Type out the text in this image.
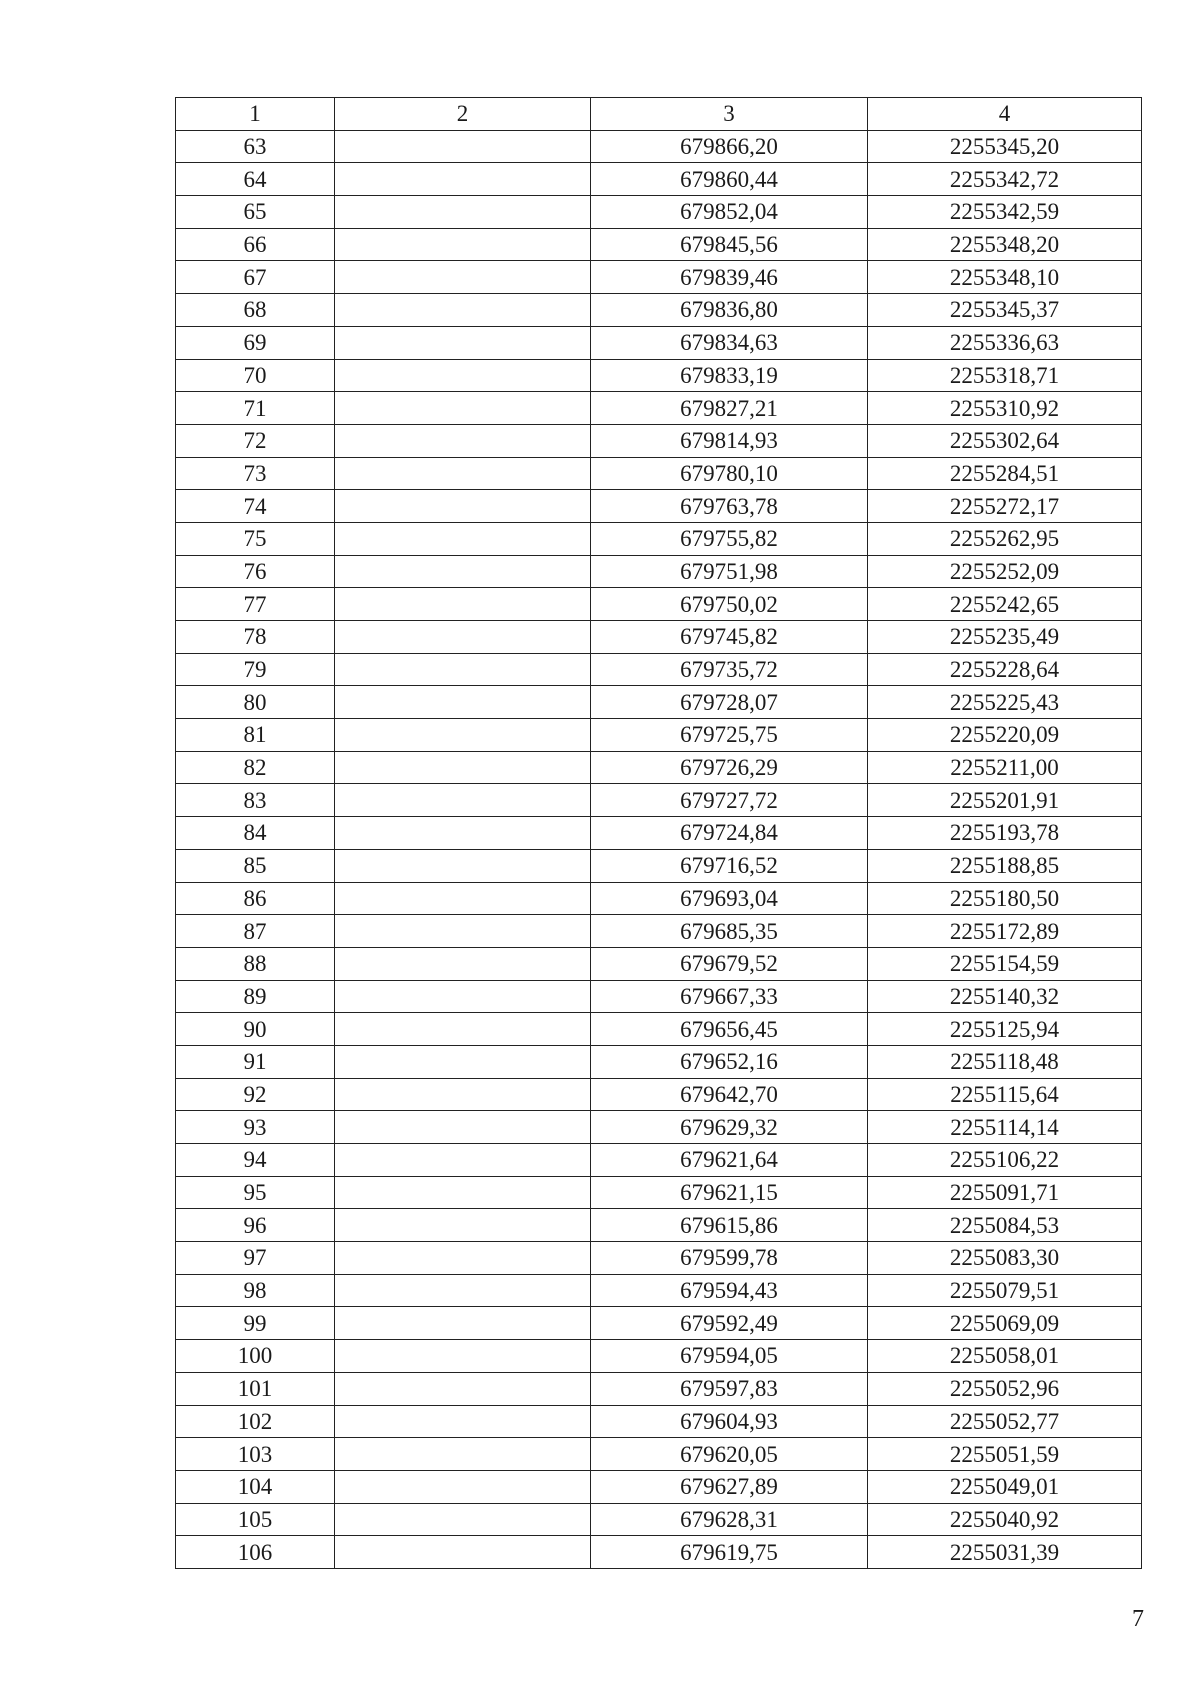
1	2	3	4
63		679866,20	2255345,20
64		679860,44	2255342,72
65		679852,04	2255342,59
66		679845,56	2255348,20
67		679839,46	2255348,10
68		679836,80	2255345,37
69		679834,63	2255336,63
70		679833,19	2255318,71
71		679827,21	2255310,92
72		679814,93	2255302,64
73		679780,10	2255284,51
74		679763,78	2255272,17
75		679755,82	2255262,95
76		679751,98	2255252,09
77		679750,02	2255242,65
78		679745,82	2255235,49
79		679735,72	2255228,64
80		679728,07	2255225,43
81		679725,75	2255220,09
82		679726,29	2255211,00
83		679727,72	2255201,91
84		679724,84	2255193,78
85		679716,52	2255188,85
86		679693,04	2255180,50
87		679685,35	2255172,89
88		679679,52	2255154,59
89		679667,33	2255140,32
90		679656,45	2255125,94
91		679652,16	2255118,48
92		679642,70	2255115,64
93		679629,32	2255114,14
94		679621,64	2255106,22
95		679621,15	2255091,71
96		679615,86	2255084,53
97		679599,78	2255083,30
98		679594,43	2255079,51
99		679592,49	2255069,09
100		679594,05	2255058,01
101		679597,83	2255052,96
102		679604,93	2255052,77
103		679620,05	2255051,59
104		679627,89	2255049,01
105		679628,31	2255040,92
106		679619,75	2255031,39
7
